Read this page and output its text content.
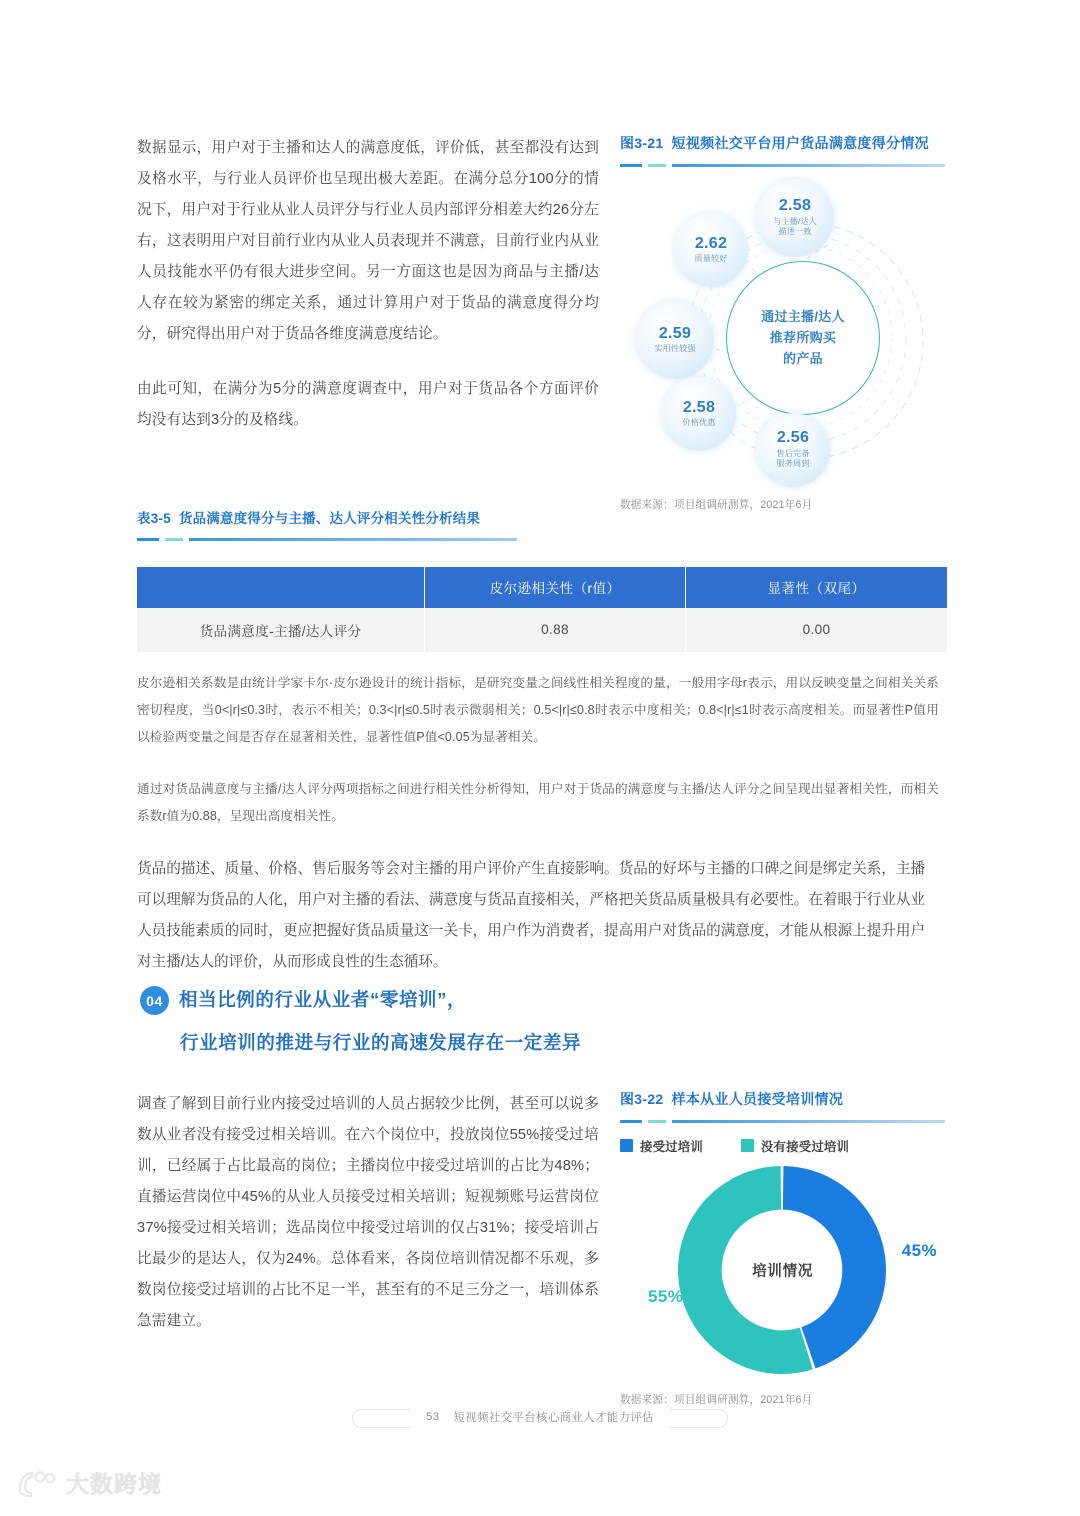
数据显示，用户对于主播和达人的满意度低，评价低，甚至都没有达到及格水平，与行业人员评价也呈现出极大差距。在满分总分100分的情况下，用户对于行业从业人员评分与行业人员内部评分相差大约26分左右，这表明用户对目前行业内从业人员表现并不满意，目前行业内从业人员技能水平仍有很大进步空间。另一方面这也是因为商品与主播/达人存在较为紧密的绑定关系，通过计算用户对于货品的满意度得分均分，研究得出用户对于货品各维度满意度结论。

由此可知，在满分为5分的满意度调查中，用户对于货品各个方面评价均没有达到3分的及格线。

图3-21 短视频社交平台用户货品满意度得分情况
通过主播/达人
推荐所购买
的产品
2.58
与主播/达人
描述一致
2.62
质量较好
2.59
实用性较强
2.58
价格优惠
2.56
售后完备
服务周到
数据来源：项目组调研测算，2021年6月
表3-5 货品满意度得分与主播、达人评分相关性分析结果
	皮尔逊相关性（r值）	显著性（双尾）
货品满意度-主播/达人评分	0.88	0.00

皮尔逊相关系数是由统计学家卡尔·皮尔逊设计的统计指标，是研究变量之间线性相关程度的量，一般用字母r表示，用以反映变量之间相关关系密切程度，当0<|r|≤0.3时，表示不相关；0.3<|r|≤0.5时表示微弱相关；0.5<|r|≤0.8时表示中度相关；0.8<|r|≤1时表示高度相关。而显著性P值用以检验两变量之间是否存在显著相关性，显著性值P值<0.05为显著相关。

通过对货品满意度与主播/达人评分两项指标之间进行相关性分析得知，用户对于货品的满意度与主播/达人评分之间呈现出显著相关性，而相关系数r值为0.88，呈现出高度相关性。

货品的描述、质量、价格、售后服务等会对主播的用户评价产生直接影响。货品的好坏与主播的口碑之间是绑定关系，主播可以理解为货品的人化，用户对主播的看法、满意度与货品直接相关，严格把关货品质量极具有必要性。在着眼于行业从业人员技能素质的同时，更应把握好货品质量这一关卡，用户作为消费者，提高用户对货品的满意度，才能从根源上提升用户对主播/达人的评价，从而形成良性的生态循环。

04 相当比例的行业从业者“零培训”，
行业培训的推进与行业的高速发展存在一定差异

调查了解到目前行业内接受过培训的人员占据较少比例，甚至可以说多数从业者没有接受过相关培训。在六个岗位中，投放岗位55%接受过培训，已经属于占比最高的岗位；主播岗位中接受过培训的占比为48%；直播运营岗位中45%的从业人员接受过相关培训；短视频账号运营岗位37%接受过相关培训；选品岗位中接受过培训的仅占31%；接受培训占比最少的是达人，仅为24%。总体看来，各岗位培训情况都不乐观，多数岗位接受过培训的占比不足一半，甚至有的不足三分之一，培训体系急需建立。

图3-22 样本从业人员接受培训情况
接受过培训	没有接受过培训
培训情况
45%
55%
数据来源：项目组调研测算，2021年6月
53 短视频社交平台核心商业人才能力评估
大数跨境
